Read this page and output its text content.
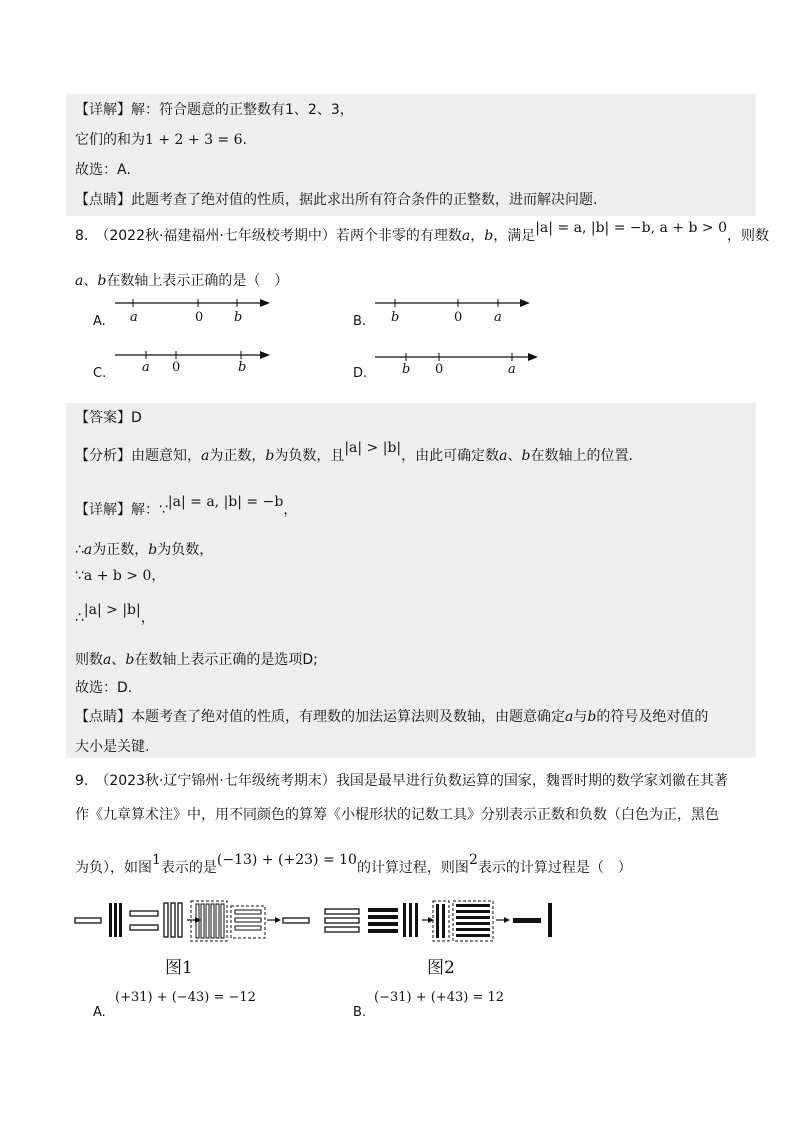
【详解】解：符合题意的正整数有1、2、3，
它们的和为1 + 2 + 3 = 6.
故选：A.
【点睛】此题考查了绝对值的性质，据此求出所有符合条件的正整数，进而解决问题.
8.　（2022秋·福建福州·七年级校考期中）若两个非零的有理数a，b，满足|a| = a, |b| = −b, a + b > 0，则数
a、b在数轴上表示正确的是（　）
A. a	0 b	B. b	0 a
C.	a 0	b	D.	b 0	a
【答案】D
【分析】由题意知，a为正数，b为负数，且|a| > |b|，由此可确定数a、b在数轴上的位置.
【详解】解：∵|a| = a, |b| = −b，
∴a为正数，b为负数，
∵a + b > 0，
∴|a| > |b|，
则数a、b在数轴上表示正确的是选项D;
故选：D.
【点睛】本题考查了绝对值的性质，有理数的加法运算法则及数轴，由题意确定a与b的符号及绝对值的
大小是关键.
9.　（2023秋·辽宁锦州·七年级统考期末）我国是最早进行负数运算的国家，魏晋时期的数学家刘徽在其著
作《九章算术注》中，用不同颜色的算筹《小棍形状的记数工具》分别表示正数和负数（白色为正，黑色
为负），如图1表示的是(−13) + (+23) = 10的计算过程，则图2表示的计算过程是（　）
图1	图2
A.
(+31) + (−43) = −12
B.
(−31) + (+43) = 12
